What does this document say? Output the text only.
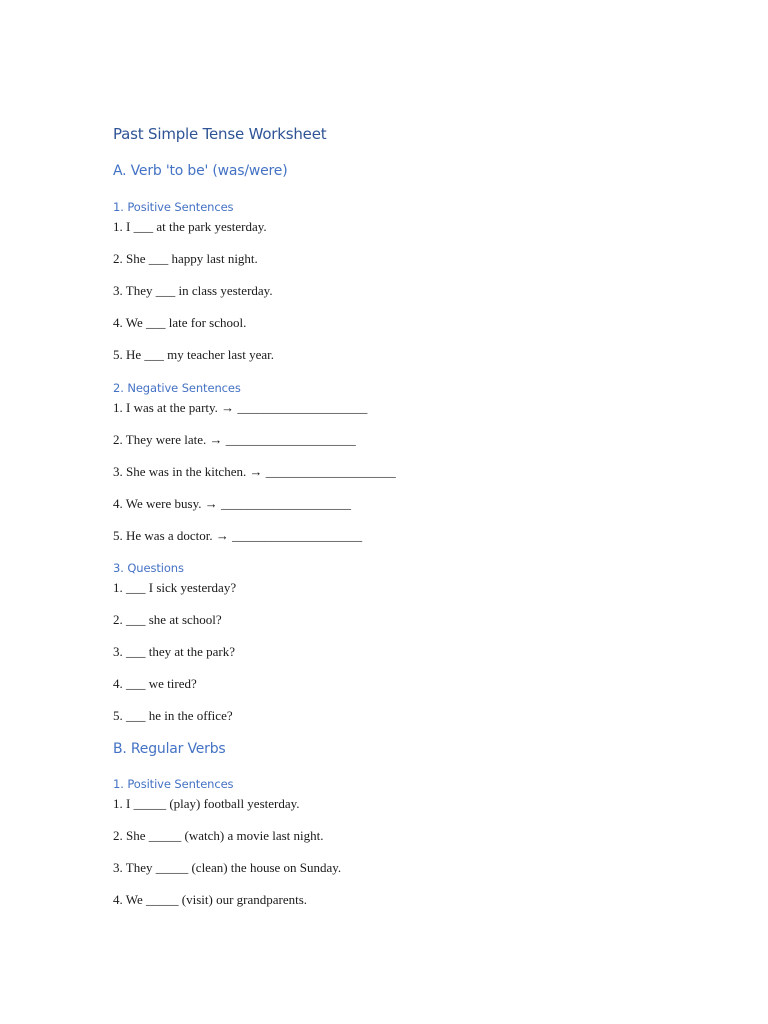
Past Simple Tense Worksheet
A. Verb 'to be' (was/were)
1. Positive Sentences
1. I ___ at the park yesterday.
2. She ___ happy last night.
3. They ___ in class yesterday.
4. We ___ late for school.
5. He ___ my teacher last year.
2. Negative Sentences
1. I was at the party. → ____________________
2. They were late. → ____________________
3. She was in the kitchen. → ____________________
4. We were busy. → ____________________
5. He was a doctor. → ____________________
3. Questions
1. ___ I sick yesterday?
2. ___ she at school?
3. ___ they at the park?
4. ___ we tired?
5. ___ he in the office?
B. Regular Verbs
1. Positive Sentences
1. I _____ (play) football yesterday.
2. She _____ (watch) a movie last night.
3. They _____ (clean) the house on Sunday.
4. We _____ (visit) our grandparents.
